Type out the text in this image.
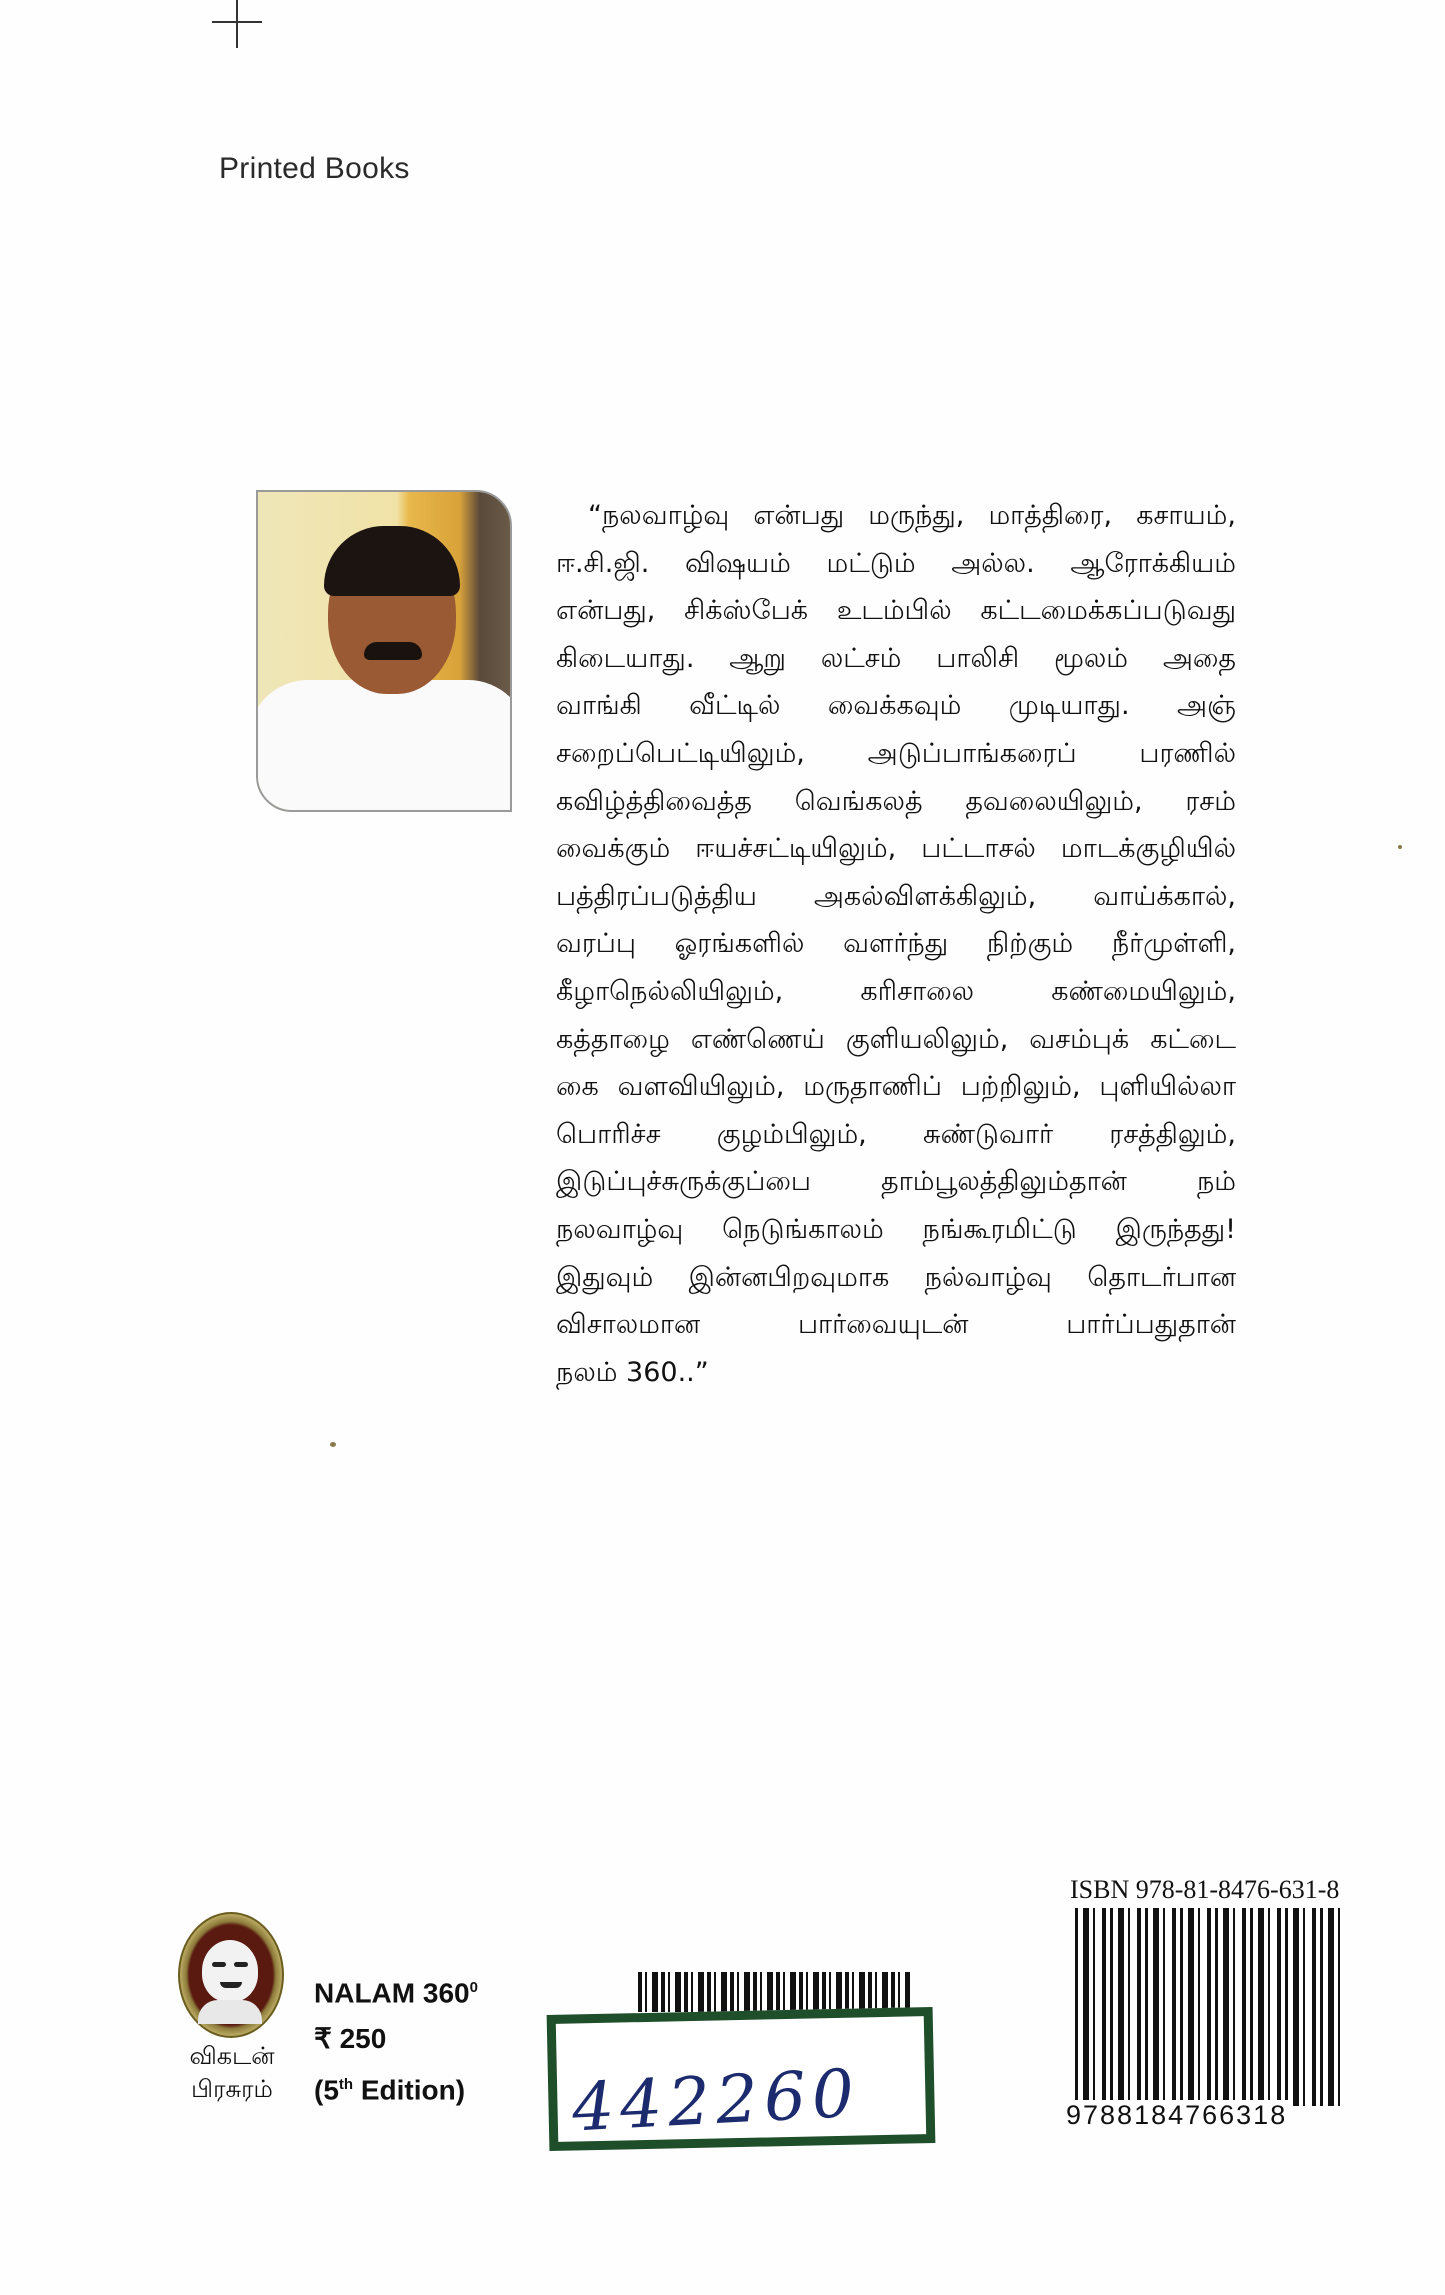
Printed Books
“நலவாழ்வு என்பது மருந்து, மாத்திரை, கசாயம்,
ஈ.சி.ஜி. விஷயம் மட்டும் அல்ல. ஆரோக்கியம்
என்பது, சிக்ஸ்பேக் உடம்பில் கட்டமைக்கப்படுவது
கிடையாது. ஆறு லட்சம் பாலிசி மூலம் அதை
வாங்கி வீட்டில் வைக்கவும் முடியாது. அஞ்
சறைப்பெட்டியிலும், அடுப்பாங்கரைப் பரணில்
கவிழ்த்திவைத்த வெங்கலத் தவலையிலும், ரசம்
வைக்கும் ஈயச்சட்டியிலும், பட்டாசல் மாடக்குழியில்
பத்திரப்படுத்திய அகல்விளக்கிலும், வாய்க்கால்,
வரப்பு ஓரங்களில் வளர்ந்து நிற்கும் நீர்முள்ளி,
கீழாநெல்லியிலும், கரிசாலை கண்மையிலும்,
கத்தாழை எண்ணெய் குளியலிலும், வசம்புக் கட்டை
கை வளவியிலும், மருதாணிப் பற்றிலும், புளியில்லா
பொரிச்ச குழம்பிலும், சுண்டுவார் ரசத்திலும்,
இடுப்புச்சுருக்குப்பை தாம்பூலத்திலும்தான் நம்
நலவாழ்வு நெடுங்காலம் நங்கூரமிட்டு இருந்தது!
இதுவும் இன்னபிறவுமாக நல்வாழ்வு தொடர்பான
விசாலமான பார்வையுடன் பார்ப்பதுதான்
நலம் 360..”
விகடன்
பிரசுரம்
NALAM $360^0$
₹ 250
(5th Edition) 442260
ISBN 978-81-8476-631-8
9788184766318
